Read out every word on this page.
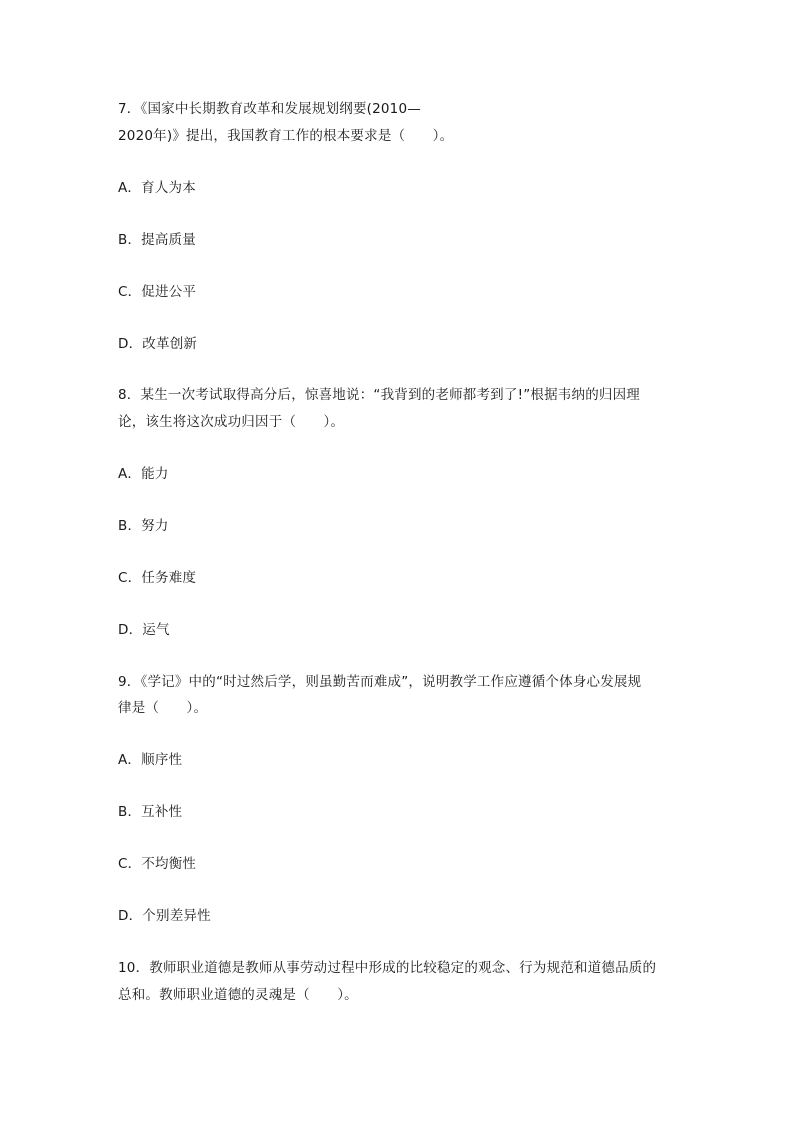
7．《国家中长期教育改革和发展规划纲要(2010—
2020年)》提出，我国教育工作的根本要求是（　　）。
A．育人为本
B．提高质量
C．促进公平
D．改革创新
8．某生一次考试取得高分后，惊喜地说：“我背到的老师都考到了!”根据韦纳的归因理
论，该生将这次成功归因于（　　）。
A．能力
B．努力
C．任务难度
D．运气
9．《学记》中的“时过然后学，则虽勤苦而难成”，说明教学工作应遵循个体身心发展规
律是（　　）。
A．顺序性
B．互补性
C．不均衡性
D．个别差异性
10．教师职业道德是教师从事劳动过程中形成的比较稳定的观念、行为规范和道德品质的
总和。教师职业道德的灵魂是（　　）。
